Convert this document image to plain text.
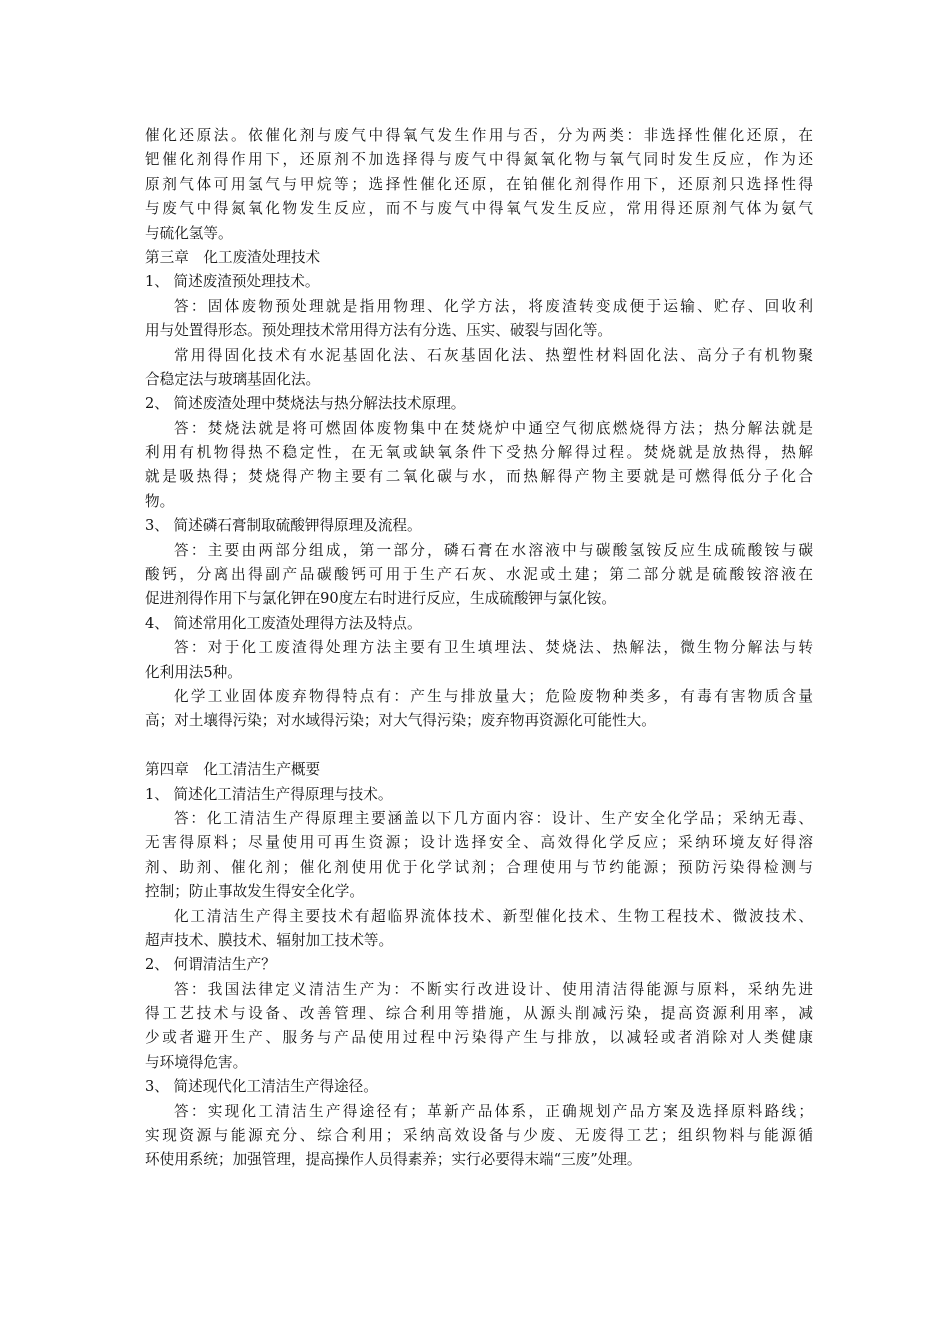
催化还原法。依催化剂与废气中得氧气发生作用与否，分为两类：非选择性催化还原，在
钯催化剂得作用下，还原剂不加选择得与废气中得氮氧化物与氧气同时发生反应，作为还
原剂气体可用氢气与甲烷等；选择性催化还原，在铂催化剂得作用下，还原剂只选择性得
与废气中得氮氧化物发生反应，而不与废气中得氧气发生反应，常用得还原剂气体为氨气
与硫化氢等。
第三章　化工废渣处理技术
1、 简述废渣预处理技术。
答：固体废物预处理就是指用物理、化学方法，将废渣转变成便于运输、贮存、回收利
用与处置得形态。预处理技术常用得方法有分选、压实、破裂与固化等。
常用得固化技术有水泥基固化法、石灰基固化法、热塑性材料固化法、高分子有机物聚
合稳定法与玻璃基固化法。
2、 简述废渣处理中焚烧法与热分解法技术原理。
答：焚烧法就是将可燃固体废物集中在焚烧炉中通空气彻底燃烧得方法；热分解法就是
利用有机物得热不稳定性，在无氧或缺氧条件下受热分解得过程。焚烧就是放热得，热解
就是吸热得；焚烧得产物主要有二氧化碳与水，而热解得产物主要就是可燃得低分子化合
物。
3、 简述磷石膏制取硫酸钾得原理及流程。
答：主要由两部分组成，第一部分，磷石膏在水溶液中与碳酸氢铵反应生成硫酸铵与碳
酸钙，分离出得副产品碳酸钙可用于生产石灰、水泥或土建；第二部分就是硫酸铵溶液在
促进剂得作用下与氯化钾在90度左右时进行反应，生成硫酸钾与氯化铵。
4、 简述常用化工废渣处理得方法及特点。
答：对于化工废渣得处理方法主要有卫生填埋法、焚烧法、热解法，微生物分解法与转
化利用法5种。
化学工业固体废弃物得特点有：产生与排放量大；危险废物种类多，有毒有害物质含量
高；对土壤得污染；对水域得污染；对大气得污染；废弃物再资源化可能性大。
第四章　化工清洁生产概要
1、 简述化工清洁生产得原理与技术。
答：化工清洁生产得原理主要涵盖以下几方面内容：设计、生产安全化学品；采纳无毒、
无害得原料；尽量使用可再生资源；设计选择安全、高效得化学反应；采纳环境友好得溶
剂、助剂、催化剂；催化剂使用优于化学试剂；合理使用与节约能源；预防污染得检测与
控制；防止事故发生得安全化学。
化工清洁生产得主要技术有超临界流体技术、新型催化技术、生物工程技术、微波技术、
超声技术、膜技术、辐射加工技术等。
2、 何谓清洁生产？
答：我国法律定义清洁生产为：不断实行改进设计、使用清洁得能源与原料，采纳先进
得工艺技术与设备、改善管理、综合利用等措施，从源头削减污染，提高资源利用率，减
少或者避开生产、服务与产品使用过程中污染得产生与排放，以减轻或者消除对人类健康
与环境得危害。
3、 简述现代化工清洁生产得途径。
答：实现化工清洁生产得途径有；革新产品体系，正确规划产品方案及选择原料路线；
实现资源与能源充分、综合利用；采纳高效设备与少废、无废得工艺；组织物料与能源循
环使用系统；加强管理，提高操作人员得素养；实行必要得末端“三废”处理。
